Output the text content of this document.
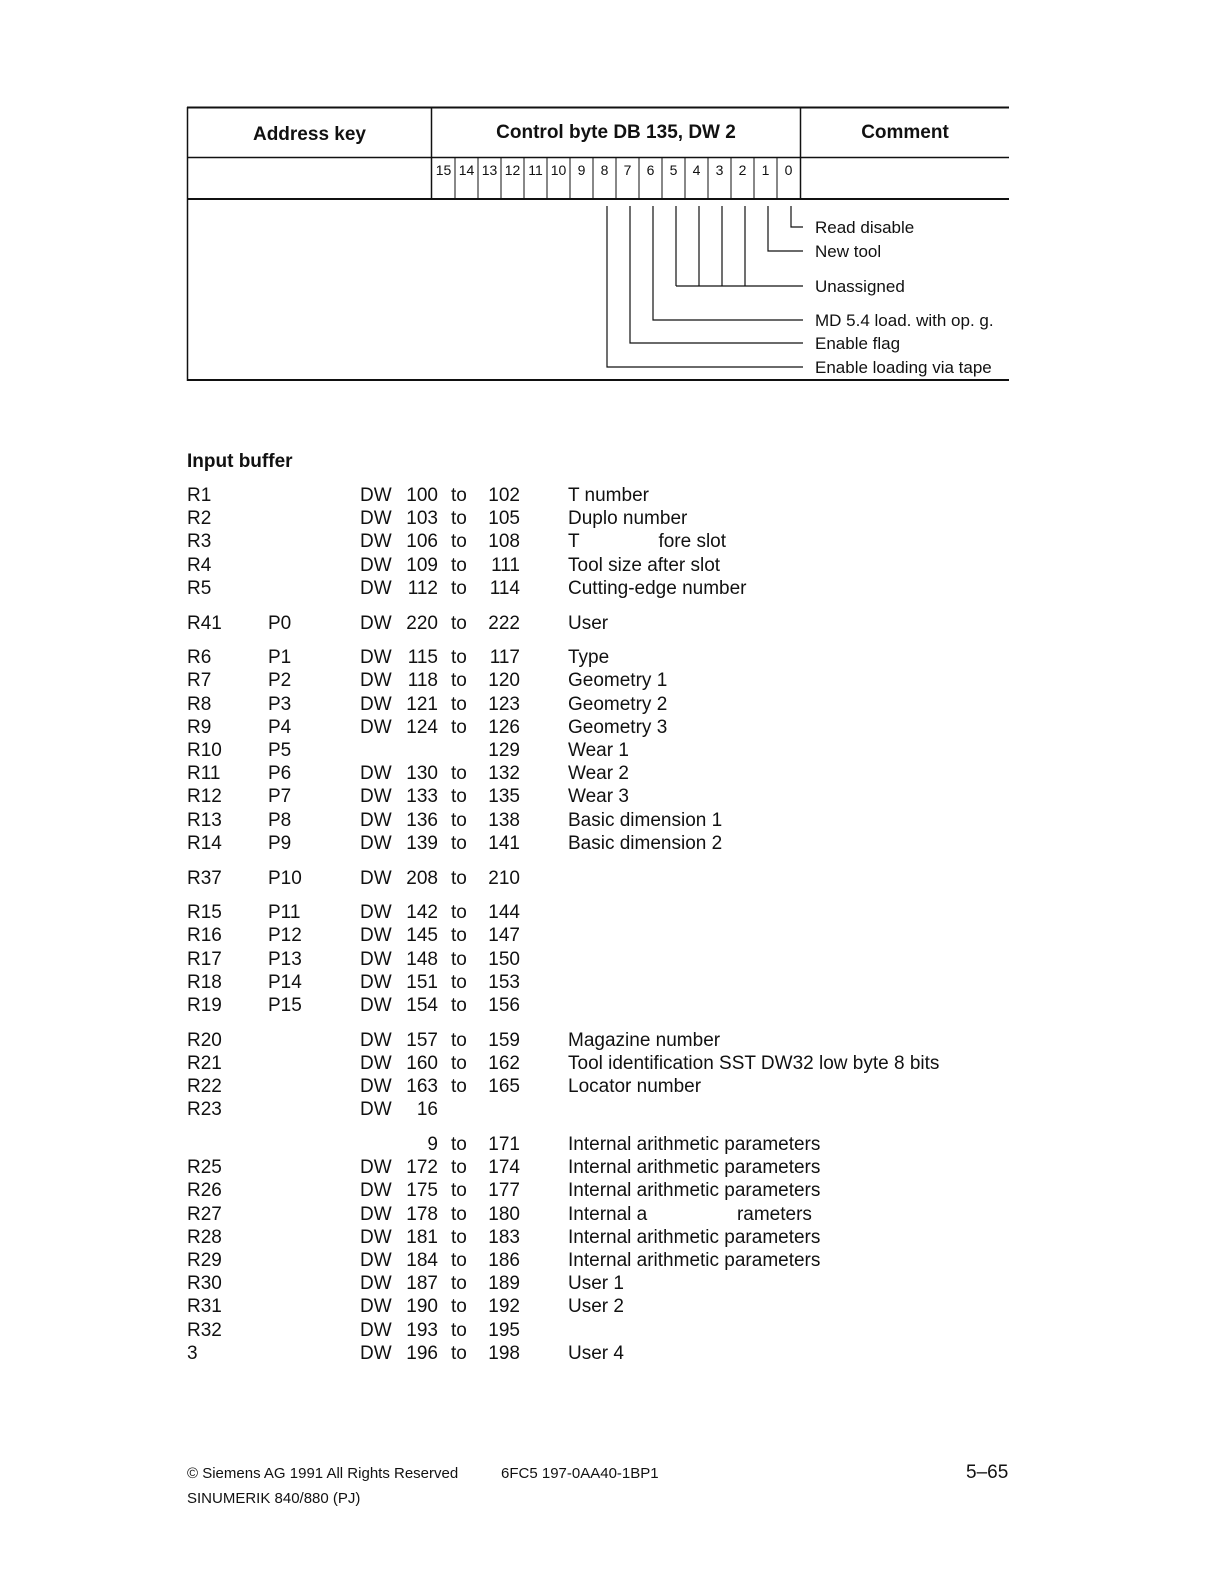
Address key	Control byte DB 135, DW 2	Comment
15 14 13 12 11 10 9	8	7	6	5	4	3	2	1	0
Read disable
New tool
Unassigned
MD 5.4 load. with op. g.
Enable flag
Enable loading via tape
Input buffer
R1	DW 100 to	102	T number
R2	DW 103 to	105	Duplo number
R3	DW 106 to	108	T               fore slot
R4	DW 109 to	111	Tool size after slot
R5	DW 112 to	114	Cutting-edge number
R41 P0	DW 220 to	222	User
R6	P1	DW 115 to	117	Type
R7	P2	DW 118 to	120	Geometry 1
R8	P3	DW 121 to	123	Geometry 2
R9	P4	DW 124 to	126	Geometry 3
R10 P5	129	Wear 1
R11	P6	DW 130 to	132	Wear 2
R12 P7	DW 133 to	135	Wear 3
R13 P8	DW 136 to	138	Basic dimension 1
R14 P9	DW 139 to	141	Basic dimension 2
R37 P10	DW 208 to	210
R15 P11	DW 142 to	144
R16 P12	DW 145 to	147
R17 P13	DW 148 to	150
R18 P14	DW 151 to	153
R19 P15	DW 154 to	156
R20	DW 157 to	159	Magazine number
R21	DW 160 to	162	Tool identification SST DW32 low byte 8 bits
R22	DW 163 to	165	Locator number
R23	DW	16
9 to	171	Internal arithmetic parameters
R25	DW 172 to	174	Internal arithmetic parameters
R26	DW 175 to	177	Internal arithmetic parameters
R27	DW 178 to	180	Internal a                 rameters
R28	DW 181 to	183	Internal arithmetic parameters
R29	DW 184 to	186	Internal arithmetic parameters
R30	DW 187 to	189	User 1
R31	DW 190 to	192	User 2
R32	DW 193 to	195
3	DW 196 to	198	User 4
© Siemens AG 1991 All Rights Reserved	6FC5 197-0AA40-1BP1
SINUMERIK 840/880 (PJ)
5–65
